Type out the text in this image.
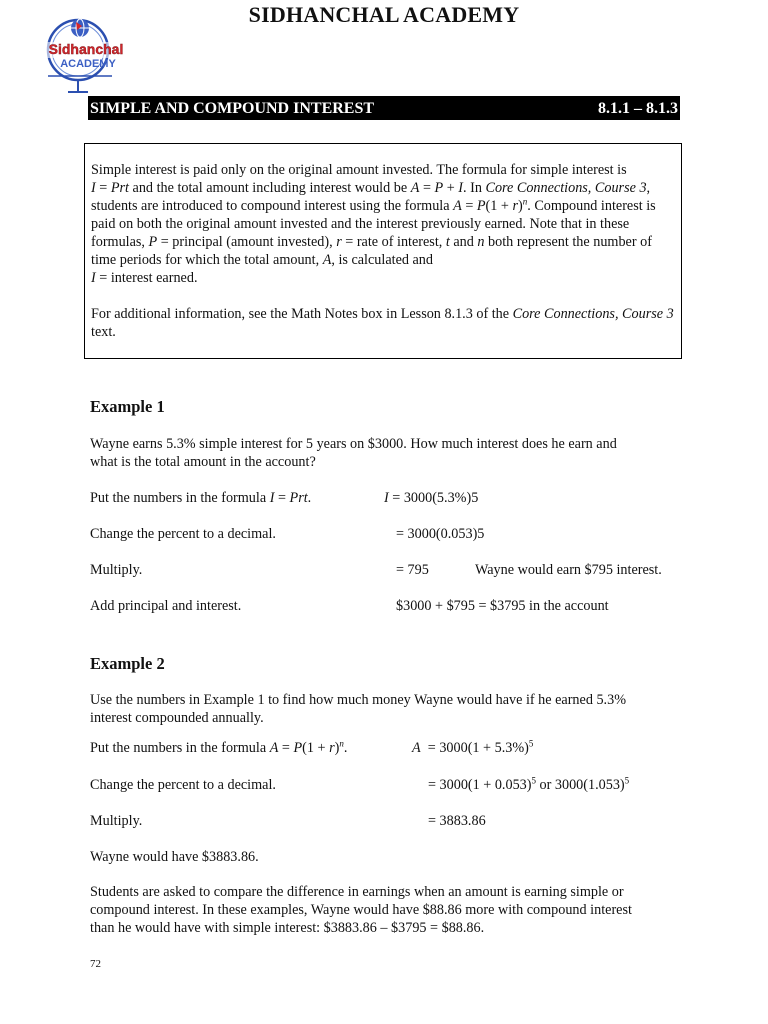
SIDHANCHAL ACADEMY
Sidhanchal
ACADEMY
SIMPLE AND COMPOUND INTEREST	8.1.1 – 8.1.3

Simple interest is paid only on the original amount invested. The formula for simple interest is
I = Prt and the total amount including interest would be A = P + I. In Core Connections, Course 3, students are introduced to compound interest using the formula $A = P(1 + r)^n$. Compound interest is paid on both the original amount invested and the interest previously earned. Note that in these formulas, P = principal (amount invested), r = rate of interest, t and n both represent the number of time periods for which the total amount, A, is calculated and
I = interest earned.

For additional information, see the Math Notes box in Lesson 8.1.3 of the Core Connections, Course 3 text.

Example 1
Wayne earns 5.3% simple interest for 5 years on $3000. How much interest does he earn and
what is the total amount in the account?
Put the numbers in the formula I = Prt.	I = 3000(5.3%)5
Change the percent to a decimal.	= 3000(0.053)5
Multiply.	= 795	Wayne would earn $795 interest.
Add principal and interest.	$3000 + $795 = $3795 in the account
Example 2
Use the numbers in Example 1 to find how much money Wayne would have if he earned 5.3%
interest compounded annually.
Put the numbers in the formula $A = P(1 + r)^n$.	$A = 3000(1 + 5.3\%)^5$
Change the percent to a decimal.	= $3000(1 + 0.053)^5$ or $3000(1.053)^5$
Multiply.	= 3883.86
Wayne would have $3883.86.
Students are asked to compare the difference in earnings when an amount is earning simple or
compound interest. In these examples, Wayne would have $88.86 more with compound interest
than he would have with simple interest: $3883.86 – $3795 = $88.86.
72
